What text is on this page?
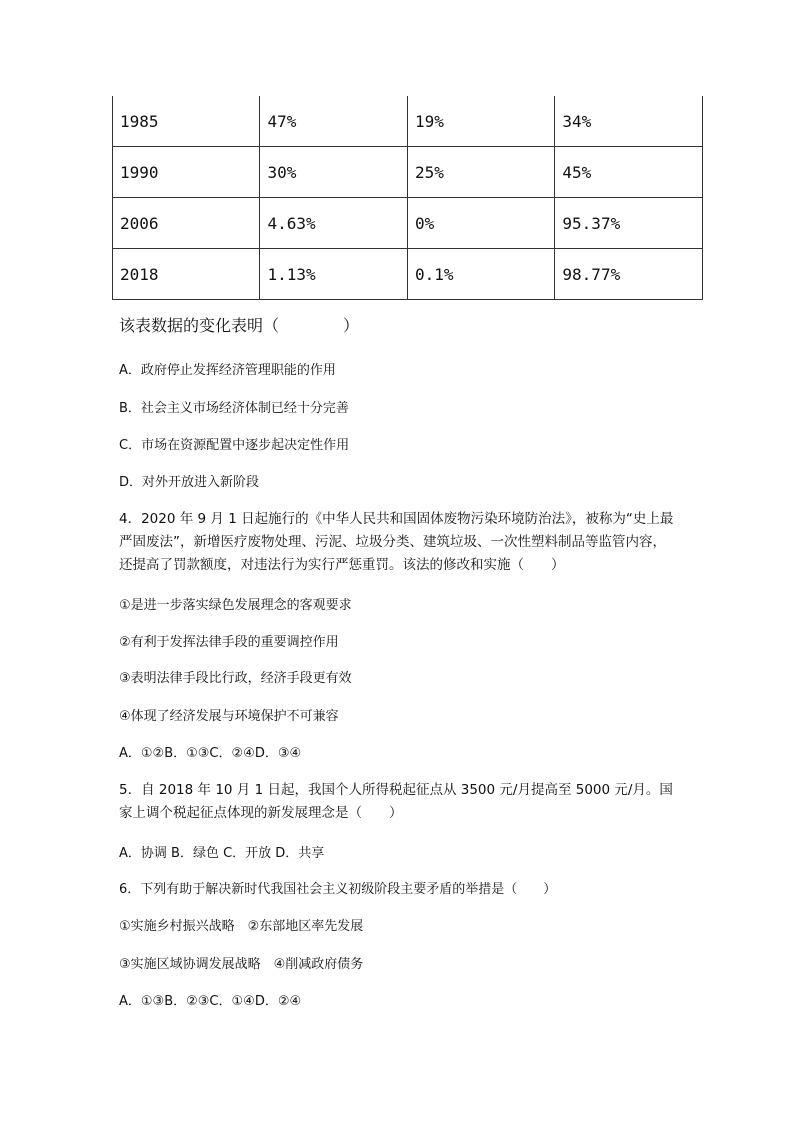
1985	47%	19%	34%
1990	30%	25%	45%
2006	4.63%	0%	95.37%
2018	1.13%	0.1%	98.77%
该表数据的变化表明（　　　　）
A．政府停止发挥经济管理职能的作用
B．社会主义市场经济体制已经十分完善
C．市场在资源配置中逐步起决定性作用
D．对外开放进入新阶段
4．2020 年 9 月 1 日起施行的《中华人民共和国固体废物污染环境防治法》，被称为“史上最严固废法”，新增医疗废物处理、污泥、垃圾分类、建筑垃圾、一次性塑料制品等监管内容，还提高了罚款额度，对违法行为实行严惩重罚。该法的修改和实施（　　）
①是进一步落实绿色发展理念的客观要求
②有利于发挥法律手段的重要调控作用
③表明法律手段比行政，经济手段更有效
④体现了经济发展与环境保护不可兼容
A．①②B．①③C．②④D．③④
5．自 2018 年 10 月 1 日起，我国个人所得税起征点从 3500 元/月提高至 5000 元/月。国家上调个税起征点体现的新发展理念是（　　）
A．协调 B．绿色 C．开放 D．共享
6．下列有助于解决新时代我国社会主义初级阶段主要矛盾的举措是（　　）
①实施乡村振兴战略　②东部地区率先发展
③实施区域协调发展战略　④削减政府债务
A．①③B．②③C．①④D．②④
